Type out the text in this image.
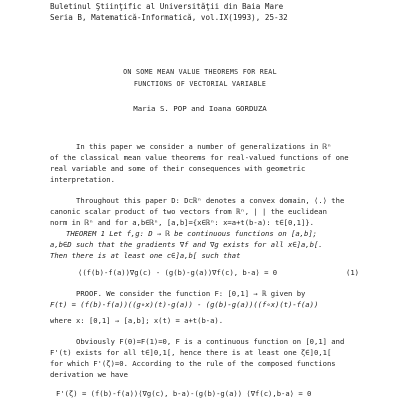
Buletinul Ştiinţific al Universităţii din Baia Mare
Seria B, Matematică-Informatică, vol.IX(1993), 25-32
ON SOME MEAN VALUE THEOREMS FOR REAL
FUNCTIONS OF VECTORIAL VARIABLE
Maria S. POP and Ioana GORDUZA
In this paper we consider a number of generalizations in ℝⁿ
of the classical mean value theorems for real-valued functions of one
real variable and some of their consequences with geometric
interpretation.
Throughout this paper D: D⊂ℝⁿ denotes a convex domain, ⟨.⟩ the
canonic scalar product of two vectors from ℝⁿ, | | the euclidean
norm in ℝⁿ and for a,b∈ℝⁿ, [a,b]={x∈ℝⁿ: x=a+t(b-a): t∈[0,1]}.
THEOREM 1 Let f,g: D → ℝ be continuous functions on [a,b];
a,b∈D such that the gradients ∇f and ∇g exists for all x∈]a,b[.
Then there is at least one c∈]a,b[ such that
⟨(f(b)-f(a))∇g(c) - (g(b)-g(a))∇f(c), b-a⟩ = 0	(1)
PROOF. We consider the function F: [0,1] → ℝ given by
F(t) = (f(b)-f(a))((g∘x)(t)-g(a)) - (g(b)-g(a))((f∘x)(t)-f(a))
where x: [0,1] → [a,b]; x(t) = a+t(b-a).
Obviously F(0)=F(1)=0, F is a continuous function on [0,1] and
F'(t) exists for all t∈]0,1[, hence there is at least one ζ∈]0,1[
for which F'(ζ)=0. According to the rule of the composed functions
derivation we have
F'(ζ) = (f(b)-f(a))⟨∇g(c), b-a⟩-(g(b)-g(a)) ⟨∇f(c),b-a⟩ = 0
